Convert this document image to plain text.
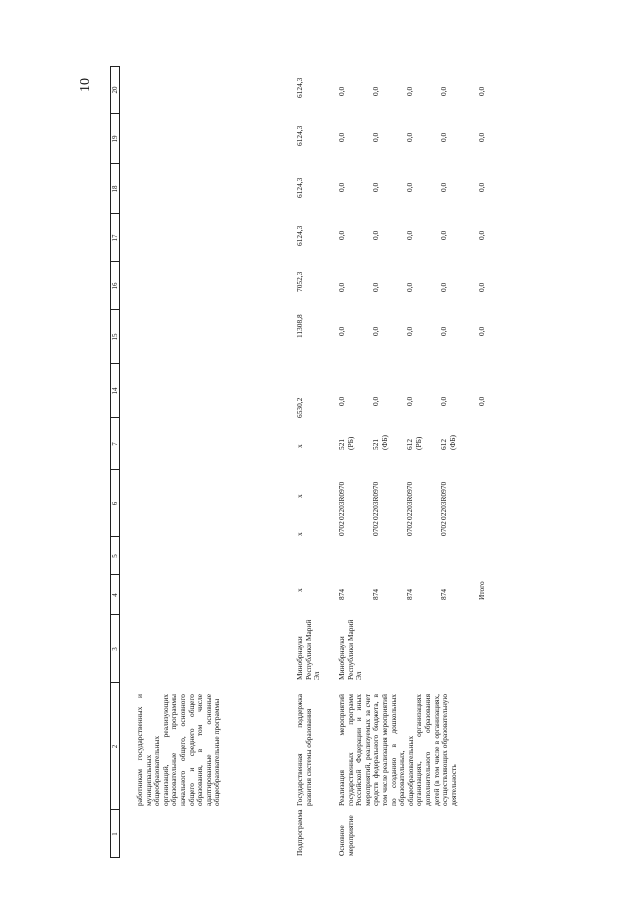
10
1
2
3
4
5
6
7
14
15
16
17
18
19
20
работникам государственных и муниципальных общеобразовательных организаций, реализующих образовательные программы начального общего, основного общего и среднего общего образования, в том числе адаптированные основные общеобразовательные программы
Подпрограмма
Государственная поддержка развития системы образования
Минобрнауки Республики Марий Эл
x
x
x
x
6530,2
11308,8
7052,3
6124,3
6124,3
6124,3
6124,3
Основное мероприятие
Реализация мероприятий государственных программ Российской Федерации и иных мероприятий, реализуемых за счет средств федерального бюджета, в том числе реализация мероприятий по созданию в дошкольных образовательных, общеобразовательных организациях, организациях дополнительного образования детей (в том числе в организациях, осуществляющих образовательную деятельность
Минобрнауки Республики Марий Эл
874
0702
02203R0970
521 (РБ)
0,0
0,0
0,0
0,0
0,0
0,0
0,0
874
0702
02203R0970
521 (ФБ)
0,0
0,0
0,0
0,0
0,0
0,0
0,0
874
0702
02203R0970
612 (РБ)
0,0
0,0
0,0
0,0
0,0
0,0
0,0
874
0702
02203R0970
612 (ФБ)
0,0
0,0
0,0
0,0
0,0
0,0
0,0
Итого
0,0
0,0
0,0
0,0
0,0
0,0
0,0
